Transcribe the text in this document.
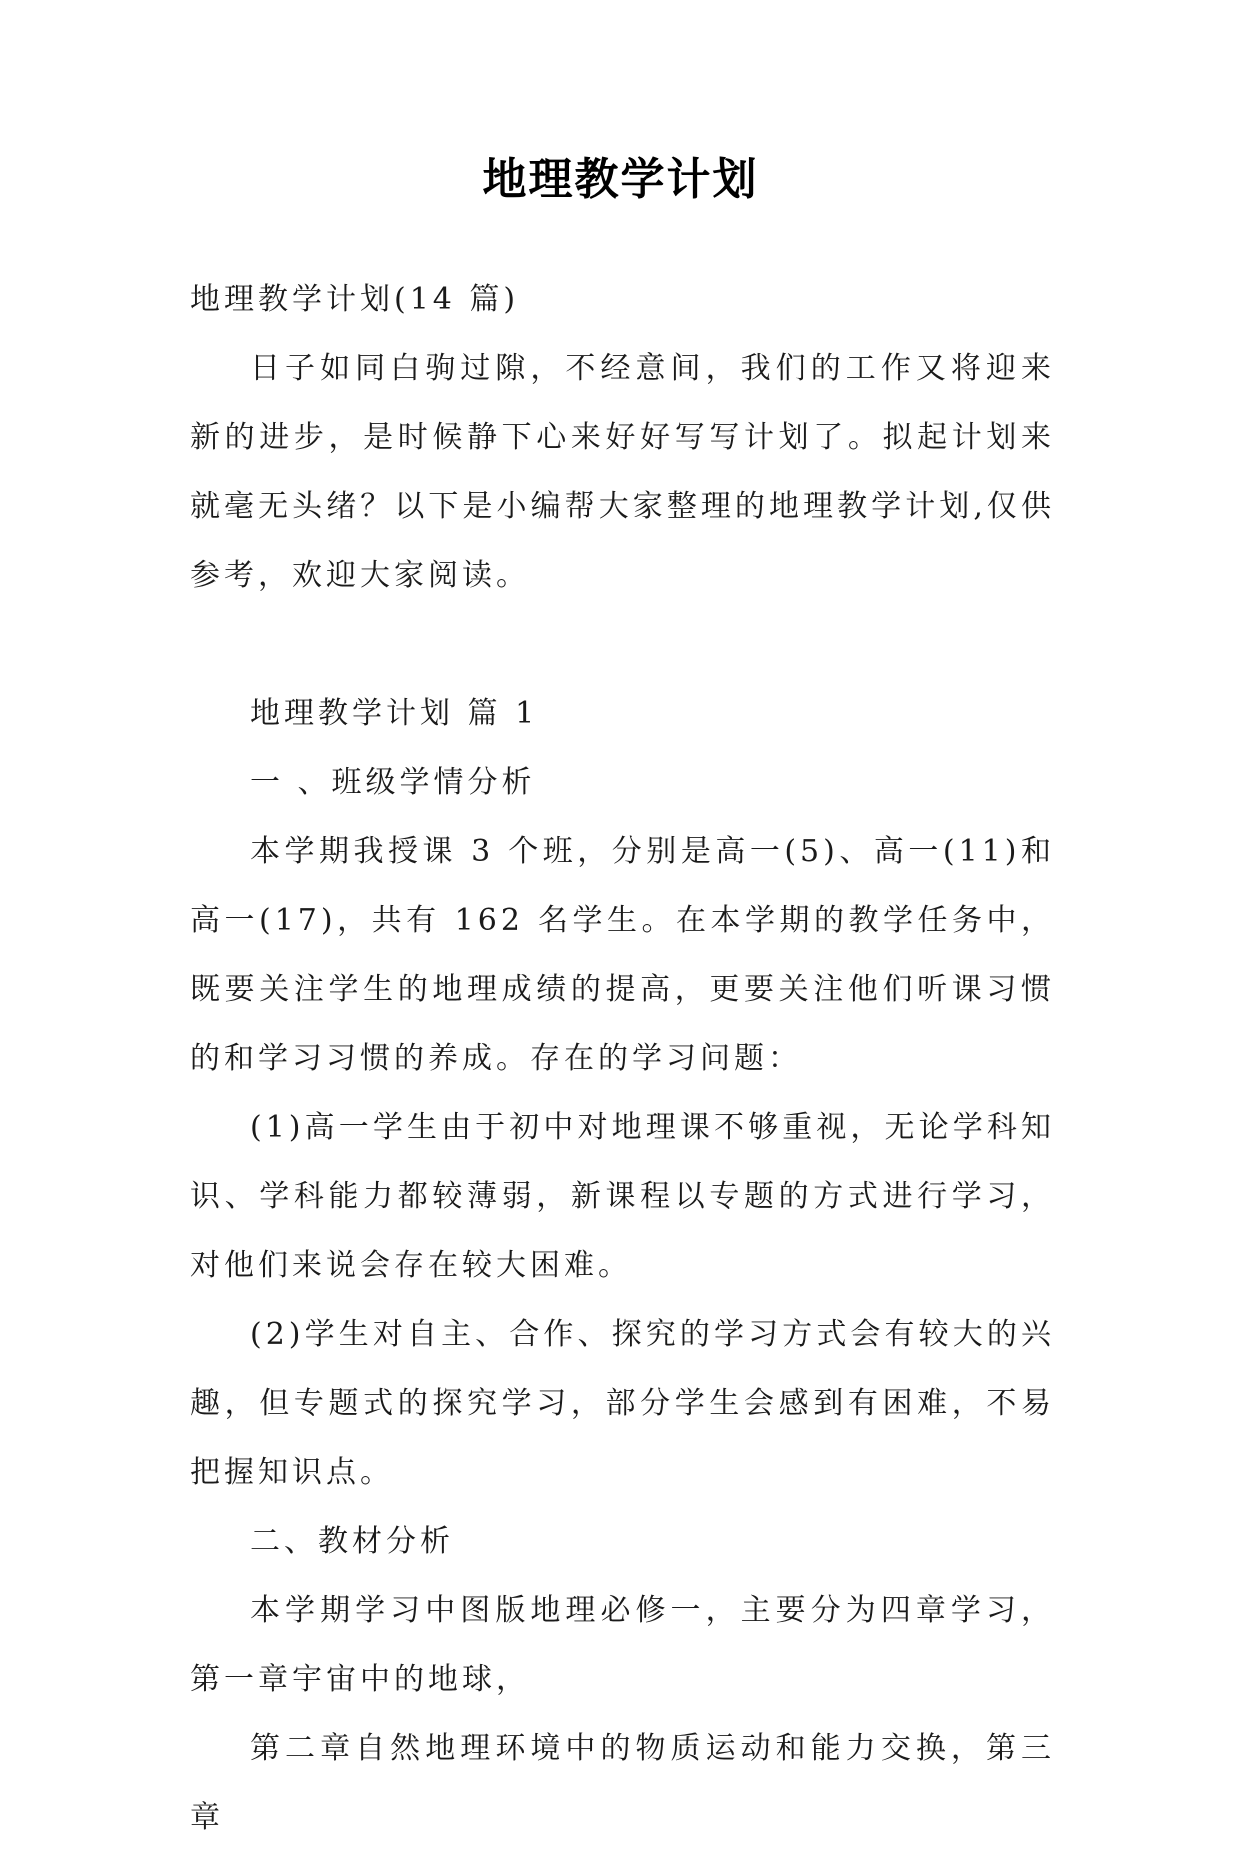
地理教学计划

地理教学计划(14 篇)

日子如同白驹过隙，不经意间，我们的工作又将迎来新的进步，是时候静下心来好好写写计划了。拟起计划来就毫无头绪？以下是小编帮大家整理的地理教学计划,仅供参考，欢迎大家阅读。

地理教学计划 篇 1

一 、班级学情分析

本学期我授课 3 个班，分别是高一(5)、高一(11)和高一(17)，共有 162 名学生。在本学期的教学任务中，既要关注学生的地理成绩的提高，更要关注他们听课习惯的和学习习惯的养成。存在的学习问题：

(1)高一学生由于初中对地理课不够重视，无论学科知识、学科能力都较薄弱，新课程以专题的方式进行学习，对他们来说会存在较大困难。

(2)学生对自主、合作、探究的学习方式会有较大的兴趣，但专题式的探究学习，部分学生会感到有困难，不易把握知识点。

二、教材分析

本学期学习中图版地理必修一，主要分为四章学习，第一章宇宙中的地球，

第二章自然地理环境中的物质运动和能力交换，第三章
